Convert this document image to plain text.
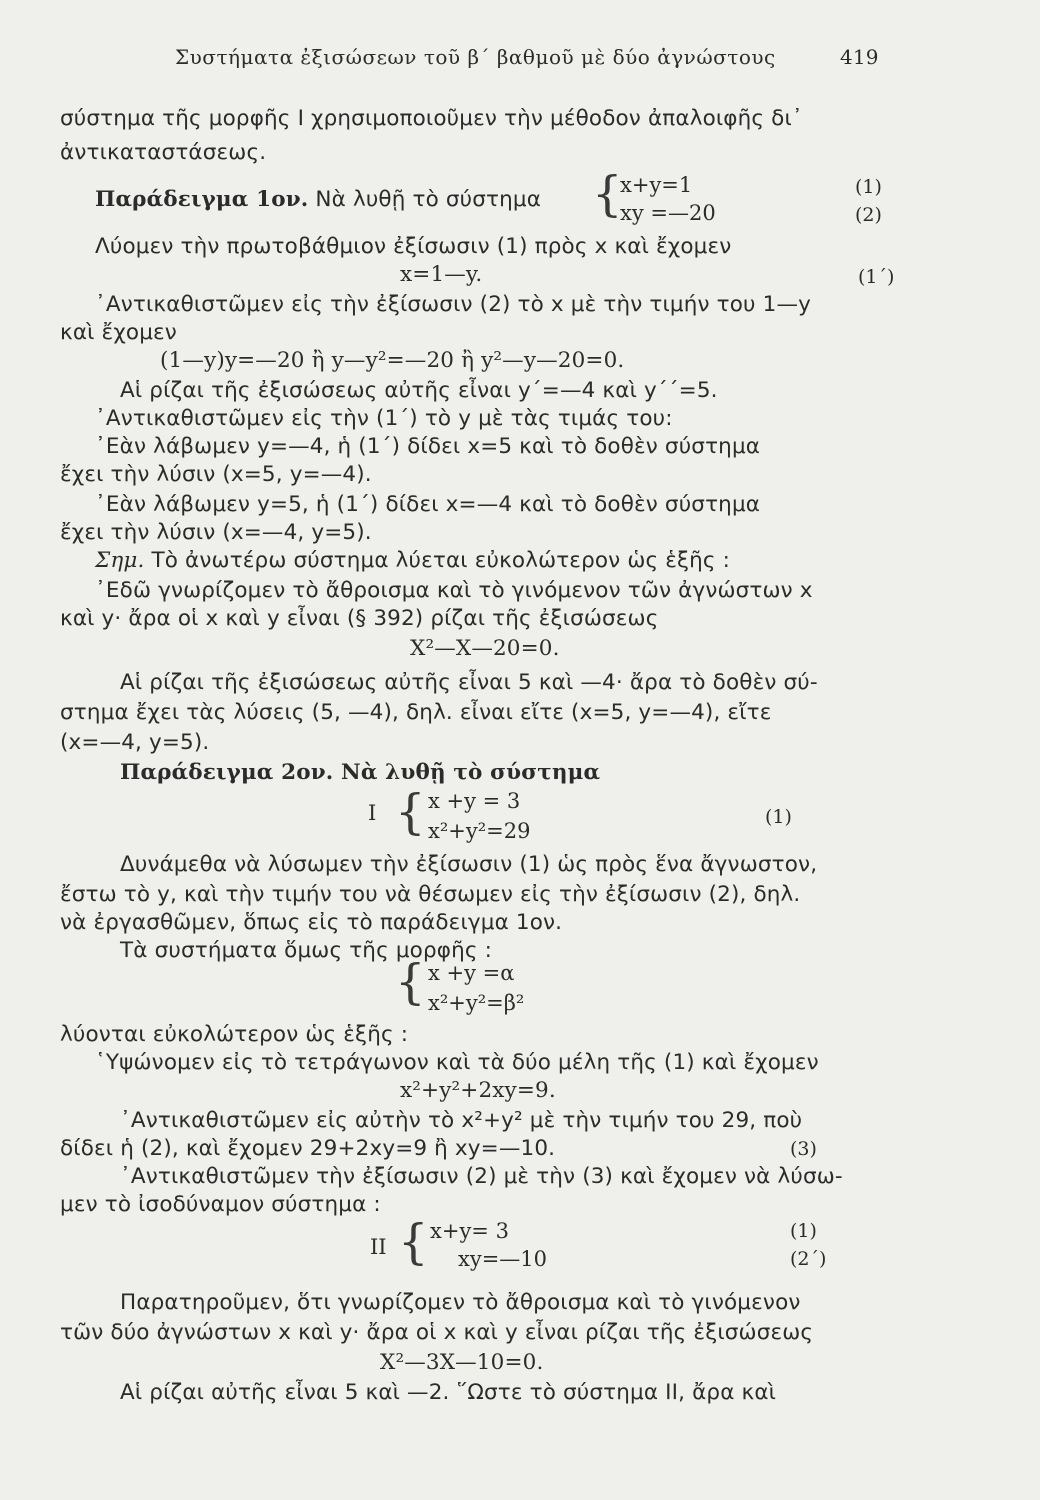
Συστήματα ἐξισώσεων τοῦ β΄ βαθμοῦ μὲ δύο ἀγνώστους	419
σύστημα τῆς μορφῆς Ι χρησιμοποιοῦμεν τὴν μέθοδον ἀπαλοιφῆς δι᾽
ἀντικαταστάσεως.
Παράδειγμα 1ον. Νὰ λυθῇ τὸ σύστημα {
x+y=1	(1)
xy =—20	(2)
Λύομεν τὴν πρωτοβάθμιον ἐξίσωσιν (1) πρὸς x καὶ ἔχομεν
x=1—y.	(1΄)
᾽Αντικαθιστῶμεν εἰς τὴν ἐξίσωσιν (2) τὸ x μὲ τὴν τιμήν του 1—y
καὶ ἔχομεν
(1—y)y=—20 ἢ y—y²=—20 ἢ y²—y—20=0.
Αἱ ρίζαι τῆς ἐξισώσεως αὐτῆς εἶναι y΄=—4 καὶ y΄΄=5.
᾽Αντικαθιστῶμεν εἰς τὴν (1΄) τὸ y μὲ τὰς τιμάς του:
᾽Εὰν λάβωμεν y=—4, ἡ (1΄) δίδει x=5 καὶ τὸ δοθὲν σύστημα
ἔχει τὴν λύσιν (x=5, y=—4).
᾽Εὰν λάβωμεν y=5, ἡ (1΄) δίδει x=—4 καὶ τὸ δοθὲν σύστημα
ἔχει τὴν λύσιν (x=—4, y=5).
Σημ. Τὸ ἀνωτέρω σύστημα λύεται εὐκολώτερον ὡς ἑξῆς :
᾽Εδῶ γνωρίζομεν τὸ ἄθροισμα καὶ τὸ γινόμενον τῶν ἀγνώστων x
καὶ y· ἄρα οἱ x καὶ y εἶναι (§ 392) ρίζαι τῆς ἐξισώσεως
X²—X—20=0.
Αἱ ρίζαι τῆς ἐξισώσεως αὐτῆς εἶναι 5 καὶ —4· ἄρα τὸ δοθὲν σύ-
στημα ἔχει τὰς λύσεις (5, —4), δηλ. εἶναι εἴτε (x=5, y=—4), εἴτε
(x=—4, y=5).
Παράδειγμα 2ον. Νὰ λυθῇ τὸ σύστημα
Ι { x +y = 3
x²+y²=29
(1)
Δυνάμεθα νὰ λύσωμεν τὴν ἐξίσωσιν (1) ὡς πρὸς ἕνα ἄγνωστον,
ἔστω τὸ y, καὶ τὴν τιμήν του νὰ θέσωμεν εἰς τὴν ἐξίσωσιν (2), δηλ.
νὰ ἐργασθῶμεν, ὅπως εἰς τὸ παράδειγμα 1ον.
Τὰ συστήματα ὅμως τῆς μορφῆς :
{ x +y =α
x²+y²=β²
λύονται εὐκολώτερον ὡς ἑξῆς :
῾Υψώνομεν εἰς τὸ τετράγωνον καὶ τὰ δύο μέλη τῆς (1) καὶ ἔχομεν
x²+y²+2xy=9.
᾽Αντικαθιστῶμεν εἰς αὐτὴν τὸ x²+y² μὲ τὴν τιμήν του 29, ποὺ
δίδει ἡ (2), καὶ ἔχομεν 29+2xy=9 ἢ xy=—10.	(3)
᾽Αντικαθιστῶμεν τὴν ἐξίσωσιν (2) μὲ τὴν (3) καὶ ἔχομεν νὰ λύσω-
μεν τὸ ἰσοδύναμον σύστημα :
ΙΙ { x+y= 3	(1)
xy=—10	(2΄)
Παρατηροῦμεν, ὅτι γνωρίζομεν τὸ ἄθροισμα καὶ τὸ γινόμενον
τῶν δύο ἀγνώστων x καὶ y· ἄρα οἱ x καὶ y εἶναι ρίζαι τῆς ἐξισώσεως
X²—3X—10=0.
Αἱ ρίζαι αὐτῆς εἶναι 5 καὶ —2. ῞Ωστε τὸ σύστημα ΙΙ, ἄρα καὶ
